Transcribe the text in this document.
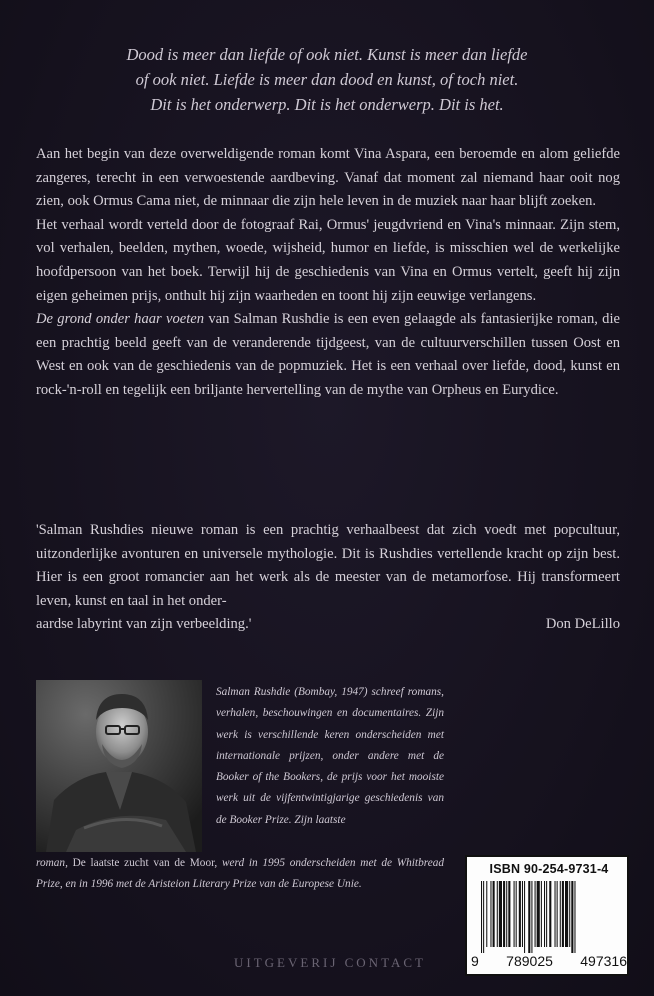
Dood is meer dan liefde of ook niet. Kunst is meer dan liefde
of ook niet. Liefde is meer dan dood en kunst, of toch niet.
Dit is het onderwerp. Dit is het onderwerp. Dit is het.

Aan het begin van deze overweldigende roman komt Vina Aspara, een beroemde en alom geliefde zangeres, terecht in een verwoestende aardbeving. Vanaf dat moment zal niemand haar ooit nog zien, ook Ormus Cama niet, de minnaar die zijn hele leven in de muziek naar haar blijft zoeken.

Het verhaal wordt verteld door de fotograaf Rai, Ormus' jeugdvriend en Vina's minnaar. Zijn stem, vol verhalen, beelden, mythen, woede, wijsheid, humor en liefde, is misschien wel de werkelijke hoofdpersoon van het boek. Terwijl hij de geschiedenis van Vina en Ormus vertelt, geeft hij zijn eigen geheimen prijs, onthult hij zijn waarheden en toont hij zijn eeuwige verlangens.

De grond onder haar voeten van Salman Rushdie is een even gelaagde als fantasierijke roman, die een prachtig beeld geeft van de veranderende tijdgeest, van de cultuurverschillen tussen Oost en West en ook van de geschiedenis van de popmuziek. Het is een verhaal over liefde, dood, kunst en rock-'n-roll en tegelijk een briljante hervertelling van de mythe van Orpheus en Eurydice.

'Salman Rushdies nieuwe roman is een prachtig verhaalbeest dat zich voedt met popcultuur, uitzonderlijke avonturen en universele mythologie. Dit is Rushdies vertellende kracht op zijn best. Hier is een groot romancier aan het werk als de meester van de metamorfose. Hij transformeert leven, kunst en taal in het onder-
aardse labyrint van zijn verbeelding.'	Don DeLillo
Salman Rushdie (Bombay, 1947) schreef romans, verhalen, beschouwingen en documentaires. Zijn werk is verschillende keren onderscheiden met internationale prijzen, onder andere met de Booker of the Bookers, de prijs voor het mooiste werk uit de vijfentwintigjarige geschiedenis van de Booker Prize. Zijn laatste
roman, De laatste zucht van de Moor, werd in 1995 onderscheiden met de Whitbread Prize, en in 1996 met de Aristeion Literary Prize van de Europese Unie.
UITGEVERIJ CONTACT
ISBN 90-254-9731-4
9 789025 497316
